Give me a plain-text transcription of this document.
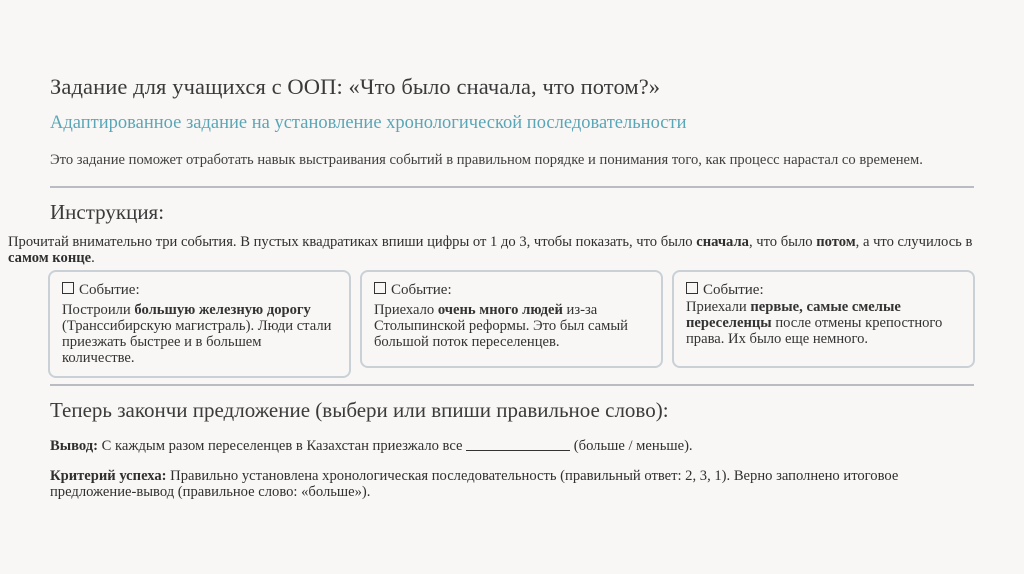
Задание для учащихся с ООП: «Что было сначала, что потом?»
Адаптированное задание на установление хронологической последовательности
Это задание поможет отработать навык выстраивания событий в правильном порядке и понимания того, как процесс нарастал со временем.
Инструкция:
Прочитай внимательно три события. В пустых квадратиках впиши цифры от 1 до 3, чтобы показать, что было сначала, что было потом, а что случилось в самом конце.
Событие:
Построили большую железную дорогу (Транссибирскую магистраль). Люди стали приезжать быстрее и в большем количестве.
Событие:
Приехало очень много людей из-за Столыпинской реформы. Это был самый большой поток переселенцев.
Событие:
Приехали первые, самые смелые переселенцы после отмены крепостного права. Их было еще немного.
Теперь закончи предложение (выбери или впиши правильное слово):
Вывод: С каждым разом переселенцев в Казахстан приезжало все	(больше / меньше).
Критерий успеха: Правильно установлена хронологическая последовательность (правильный ответ: 2, 3, 1). Верно заполнено итоговое предложение-вывод (правильное слово: «больше»).
